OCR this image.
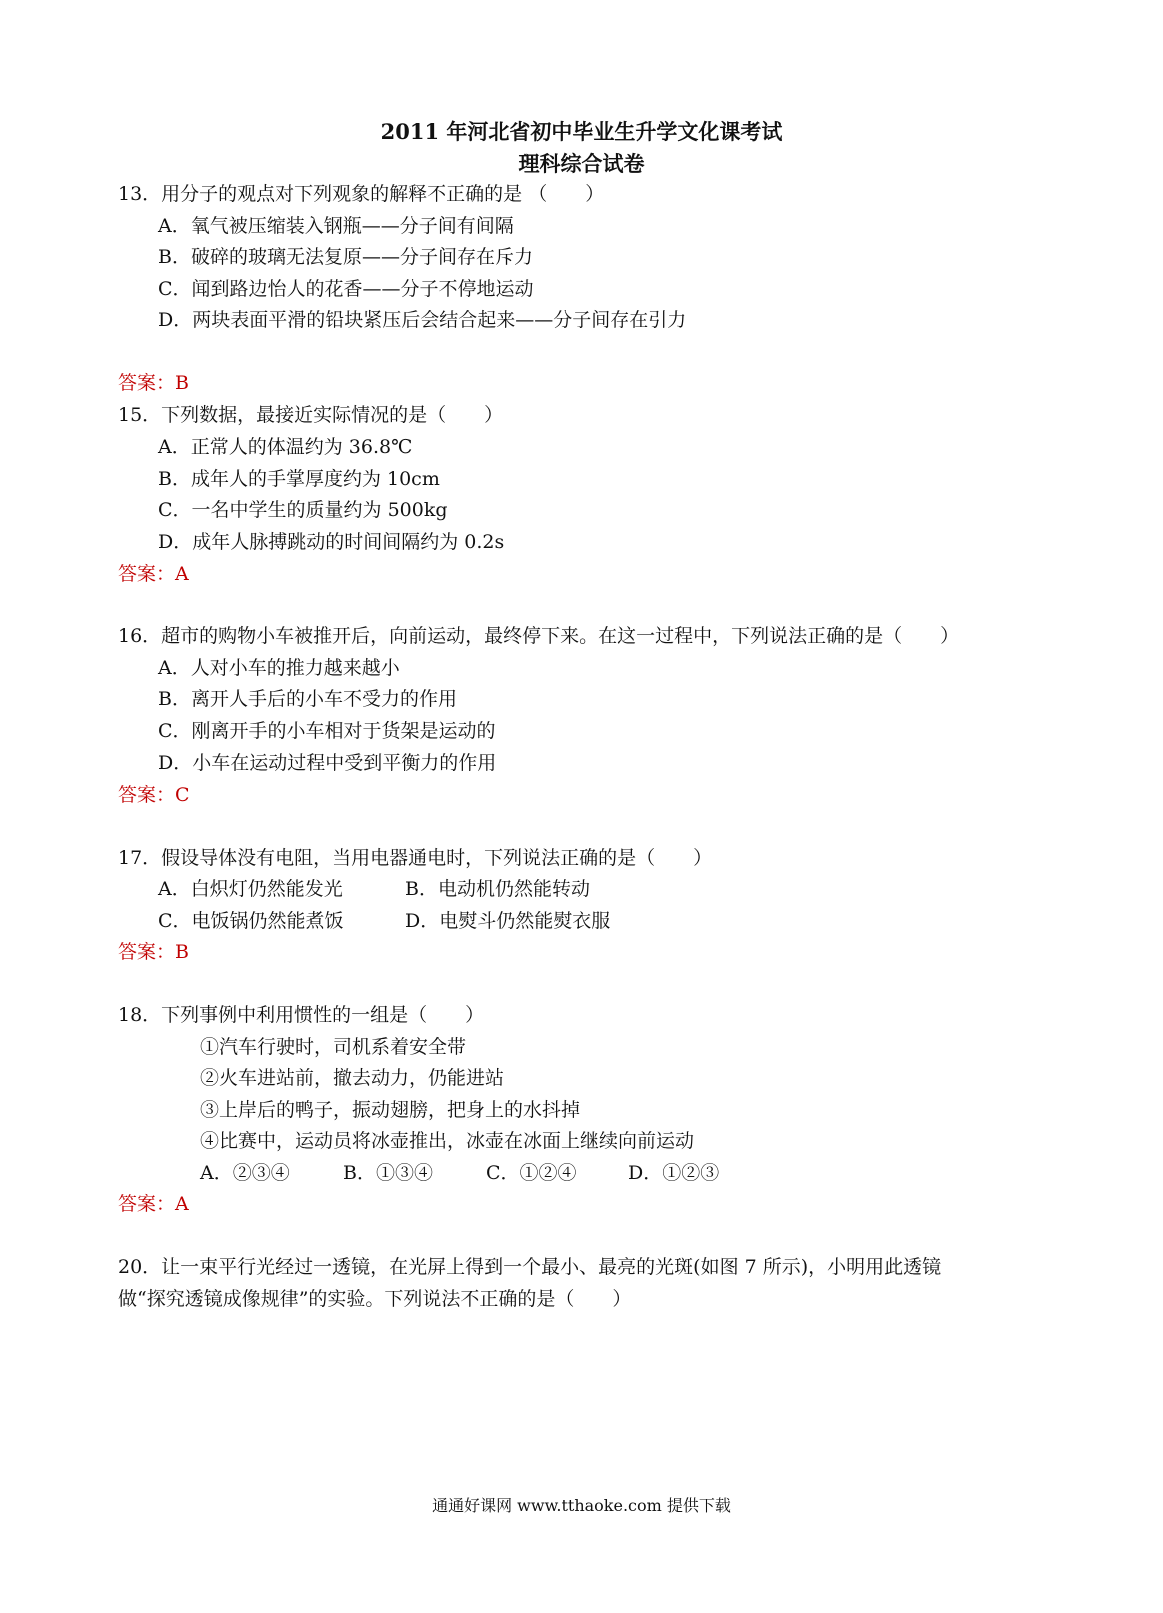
2011 年河北省初中毕业生升学文化课考试
理科综合试卷
13．用分子的观点对下列观象的解释不正确的是 （　　）
A．氧气被压缩装入钢瓶——分子间有间隔
B．破碎的玻璃无法复原——分子间存在斥力
C．闻到路边怡人的花香——分子不停地运动
D．两块表面平滑的铅块紧压后会结合起来——分子间存在引力
答案：B
15．下列数据，最接近实际情况的是（　　）
A．正常人的体温约为 36.8℃
B．成年人的手掌厚度约为 10cm
C．一名中学生的质量约为 500kg
D．成年人脉搏跳动的时间间隔约为 0.2s
答案：A
16．超市的购物小车被推开后，向前运动，最终停下来。在这一过程中，下列说法正确的是（　　）
A．人对小车的推力越来越小
B．离开人手后的小车不受力的作用
C．刚离开手的小车相对于货架是运动的
D．小车在运动过程中受到平衡力的作用
答案：C
17．假设导体没有电阻，当用电器通电时，下列说法正确的是（　　）
A．白炽灯仍然能发光	B．电动机仍然能转动
C．电饭锅仍然能煮饭	D．电熨斗仍然能熨衣服
答案：B
18．下列事例中利用惯性的一组是（　　）
①汽车行驶时，司机系着安全带
②火车进站前，撤去动力，仍能进站
③上岸后的鸭子，振动翅膀，把身上的水抖掉
④比赛中，运动员将冰壶推出，冰壶在冰面上继续向前运动
A．②③④	B．①③④	C．①②④	D．①②③
答案：A
20．让一束平行光经过一透镜，在光屏上得到一个最小、最亮的光斑(如图 7 所示)，小明用此透镜
做“探究透镜成像规律”的实验。下列说法不正确的是（　　）
通通好课网 www.tthaoke.com 提供下载
